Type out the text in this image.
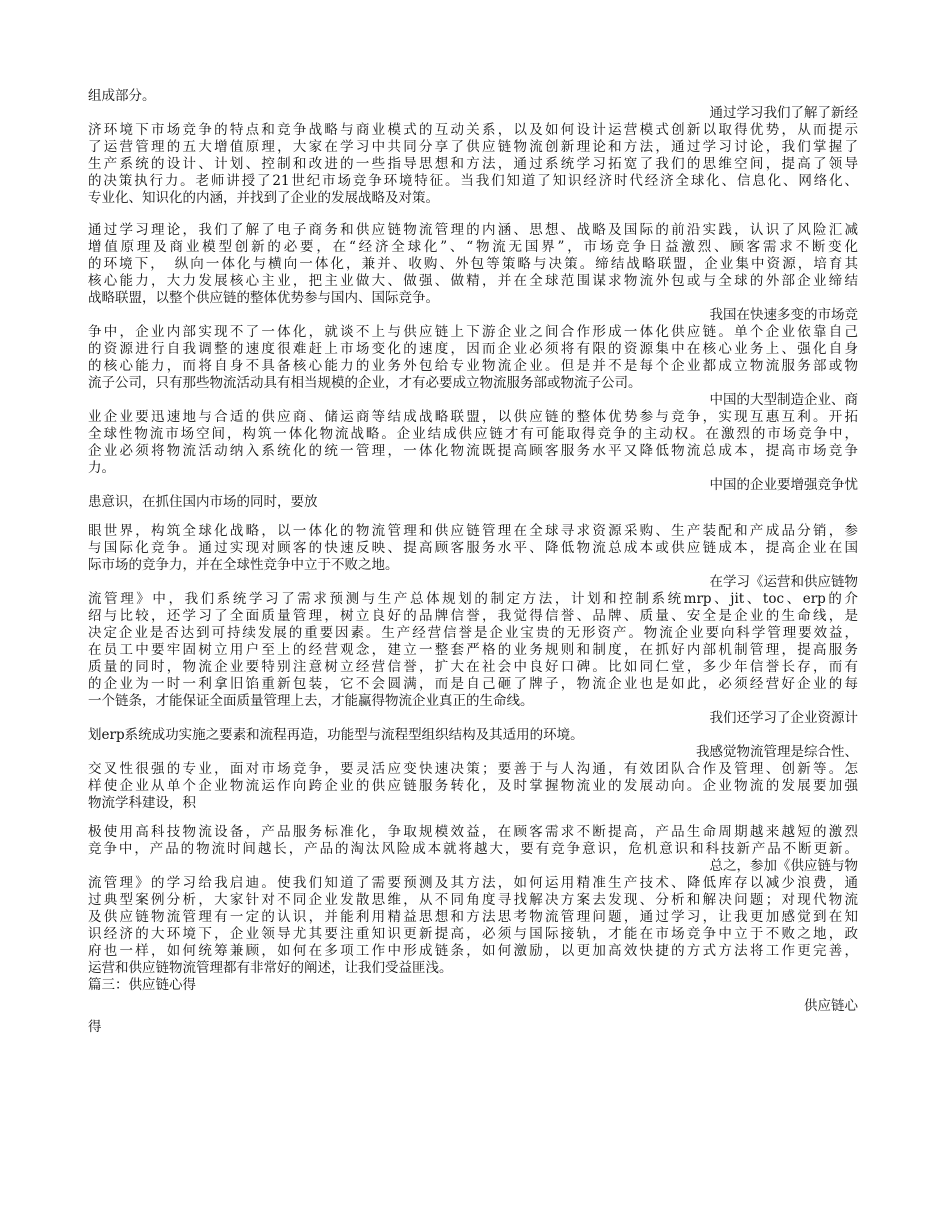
组成部分。
通过学习我们了解了新经
济环境下市场竞争的特点和竞争战略与商业模式的互动关系，以及如何设计运营模式创新以取得优势，从而提示
了运营管理的五大增值原理，大家在学习中共同分享了供应链物流创新理论和方法，通过学习讨论，我们掌握了
生产系统的设计、计划、控制和改进的一些指导思想和方法，通过系统学习拓宽了我们的思维空间，提高了领导
的决策执行力。老师讲授了21世纪市场竞争环境特征。当我们知道了知识经济时代经济全球化、信息化、网络化、
专业化、知识化的内涵，并找到了企业的发展战略及对策。
通过学习理论，我们了解了电子商务和供应链物流管理的内涵、思想、战略及国际的前沿实践，认识了风险汇减
增值原理及商业模型创新的必要，在“经济全球化”、“物流无国界”，市场竞争日益激烈、顾客需求不断变化
的环境下，　纵向一体化与横向一体化，兼并、收购、外包等策略与决策。缔结战略联盟，企业集中资源，培育其
核心能力，大力发展核心主业，把主业做大、做强、做精，并在全球范围谋求物流外包或与全球的外部企业缔结
战略联盟，以整个供应链的整体优势参与国内、国际竞争。
我国在快速多变的市场竞
争中，企业内部实现不了一体化，就谈不上与供应链上下游企业之间合作形成一体化供应链。单个企业依靠自己
的资源进行自我调整的速度很难赶上市场变化的速度，因而企业必须将有限的资源集中在核心业务上、强化自身
的核心能力，而将自身不具备核心能力的业务外包给专业物流企业。但是并不是每个企业都成立物流服务部或物
流子公司，只有那些物流活动具有相当规模的企业，才有必要成立物流服务部或物流子公司。
中国的大型制造企业、商
业企业要迅速地与合适的供应商、储运商等结成战略联盟，以供应链的整体优势参与竞争，实现互惠互利。开拓
全球性物流市场空间，构筑一体化物流战略。企业结成供应链才有可能取得竞争的主动权。在激烈的市场竞争中，
企业必须将物流活动纳入系统化的统一管理，一体化物流既提高顾客服务水平又降低物流总成本，提高市场竞争
力。
中国的企业要增强竞争忧
患意识，在抓住国内市场的同时，要放
眼世界，构筑全球化战略，以一体化的物流管理和供应链管理在全球寻求资源采购、生产装配和产成品分销，参
与国际化竞争。通过实现对顾客的快速反映、提高顾客服务水平、降低物流总成本或供应链成本，提高企业在国
际市场的竞争力，并在全球性竞争中立于不败之地。
在学习《运营和供应链物
流管理》中，我们系统学习了需求预测与生产总体规划的制定方法，计划和控制系统mrp、jit、toc、erp的介
绍与比较，还学习了全面质量管理，树立良好的品牌信誉，我觉得信誉、品牌、质量、安全是企业的生命线，是
决定企业是否达到可持续发展的重要因素。生产经营信誉是企业宝贵的无形资产。物流企业要向科学管理要效益，
在员工中要牢固树立用户至上的经营观念，建立一整套严格的业务规则和制度，在抓好内部机制管理，提高服务
质量的同时，物流企业要特别注意树立经营信誉，扩大在社会中良好口碑。比如同仁堂，多少年信誉长存，而有
的企业为一时一利拿旧馅重新包装，它不会圆满，而是自己砸了牌子，物流企业也是如此，必须经营好企业的每
一个链条，才能保证全面质量管理上去，才能赢得物流企业真正的生命线。
我们还学习了企业资源计
划erp系统成功实施之要素和流程再造，功能型与流程型组织结构及其适用的环境。
我感觉物流管理是综合性、
交叉性很强的专业，面对市场竞争，要灵活应变快速决策；要善于与人沟通，有效团队合作及管理、创新等。怎
样使企业从单个企业物流运作向跨企业的供应链服务转化，及时掌握物流业的发展动向。企业物流的发展要加强
物流学科建设，积
极使用高科技物流设备，产品服务标准化，争取规模效益，在顾客需求不断提高，产品生命周期越来越短的激烈
竞争中，产品的物流时间越长，产品的淘汰风险成本就将越大，要有竞争意识，危机意识和科技新产品不断更新。
总之，参加《供应链与物
流管理》的学习给我启迪。使我们知道了需要预测及其方法，如何运用精准生产技术、降低库存以减少浪费，通
过典型案例分析，大家针对不同企业发散思维，从不同角度寻找解决方案去发现、分析和解决问题；对现代物流
及供应链物流管理有一定的认识，并能利用精益思想和方法思考物流管理问题，通过学习，让我更加感觉到在知
识经济的大环境下，企业领导尤其要注重知识更新提高，必须与国际接轨，才能在市场竞争中立于不败之地，政
府也一样，如何统筹兼顾，如何在多项工作中形成链条，如何激励，以更加高效快捷的方式方法将工作更完善，
运营和供应链物流管理都有非常好的阐述，让我们受益匪浅。
篇三：供应链心得
供应链心
得
